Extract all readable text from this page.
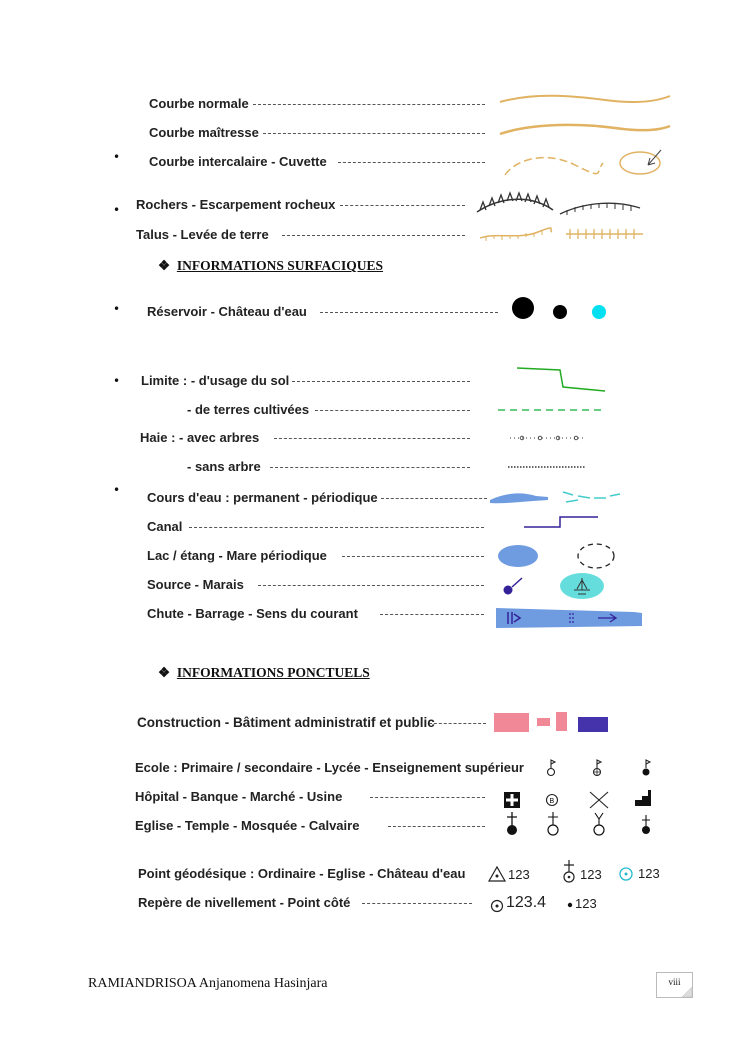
Courbe normale
Courbe maîtresse
• Courbe intercalaire - Cuvette
• Rochers - Escarpement rocheux
Talus - Levée de terre
❖  INFORMATIONS SURFACIQUES
• Réservoir - Château d'eau
• Limite : - d'usage du sol
- de terres cultivées
Haie : - avec arbres
- sans arbre
• Cours d'eau : permanent - périodique
Canal
Lac / étang - Mare périodique
Source - Marais
Chute - Barrage - Sens du courant
❖  INFORMATIONS PONCTUELS
Construction - Bâtiment administratif et public
Ecole : Primaire / secondaire - Lycée - Enseignement supérieur
Hôpital - Banque - Marché - Usine	B
Eglise - Temple - Mosquée - Calvaire
Point géodésique : Ordinaire - Eglise - Château d'eau	123	123	123
Repère de nivellement - Point côté	123.4 123
RAMIANDRISOA Anjanomena Hasinjara	viii
